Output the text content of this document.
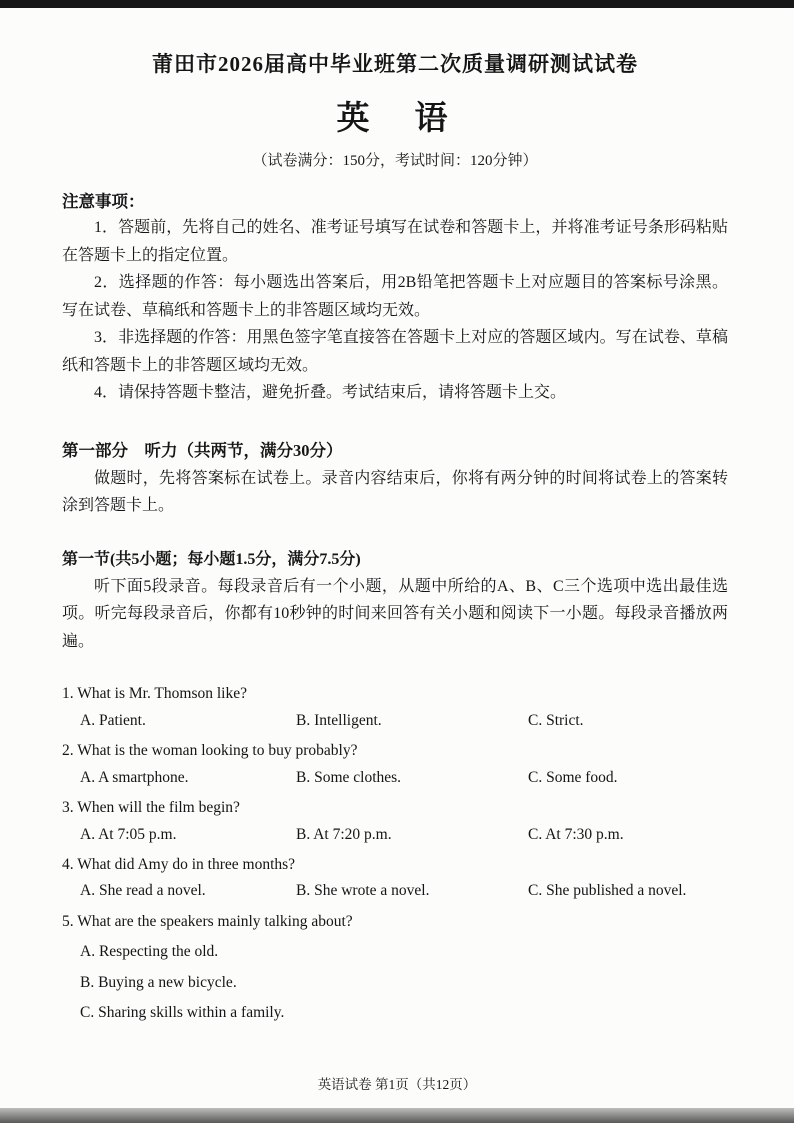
莆田市2026届高中毕业班第二次质量调研测试试卷
英　语
（试卷满分：150分，考试时间：120分钟）
注意事项：

1．答题前，先将自己的姓名、准考证号填写在试卷和答题卡上，并将准考证号条形码粘贴在答题卡上的指定位置。

2．选择题的作答：每小题选出答案后，用2B铅笔把答题卡上对应题目的答案标号涂黑。写在试卷、草稿纸和答题卡上的非答题区域均无效。

3．非选择题的作答：用黑色签字笔直接答在答题卡上对应的答题区域内。写在试卷、草稿纸和答题卡上的非答题区域均无效。

4．请保持答题卡整洁，避免折叠。考试结束后，请将答题卡上交。

第一部分　听力（共两节，满分30分）

做题时，先将答案标在试卷上。录音内容结束后，你将有两分钟的时间将试卷上的答案转涂到答题卡上。

第一节(共5小题；每小题1.5分，满分7.5分)

听下面5段录音。每段录音后有一个小题，从题中所给的A、B、C三个选项中选出最佳选项。听完每段录音后，你都有10秒钟的时间来回答有关小题和阅读下一小题。每段录音播放两遍。

1. What is Mr. Thomson like?
A. Patient.	B. Intelligent.	C. Strict.
2. What is the woman looking to buy probably?
A. A smartphone.	B. Some clothes.	C. Some food.
3. When will the film begin?
A. At 7:05 p.m.	B. At 7:20 p.m.	C. At 7:30 p.m.
4. What did Amy do in three months?
A. She read a novel.	B. She wrote a novel.	C. She published a novel.
5. What are the speakers mainly talking about?
A. Respecting the old.
B. Buying a new bicycle.
C. Sharing skills within a family.
英语试卷 第1页（共12页）
